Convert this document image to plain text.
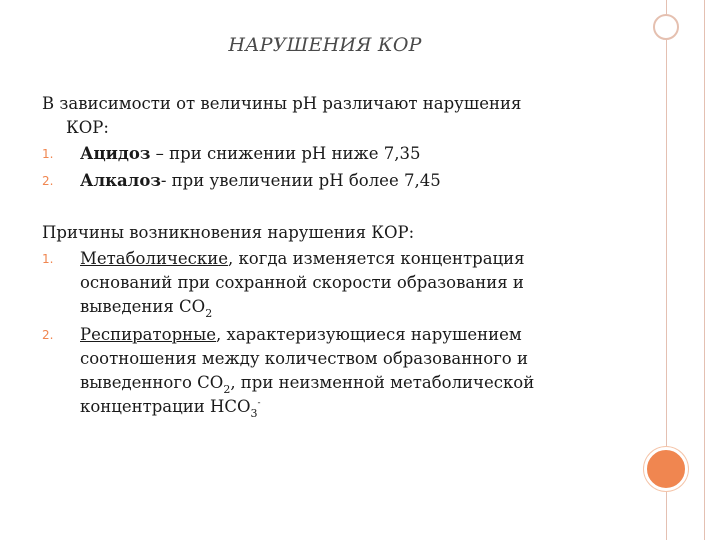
НАРУШЕНИЯ КОР

В зависимости от величины рН различают нарушения
КОР:

1. Ацидоз – при снижении рН ниже 7,35
2. Алкалоз- при увеличении рН более 7,45

Причины возникновения нарушения КОР:

1. Метаболические, когда изменяется концентрация оснований при сохранной скорости образования и выведения $СО_2$
2. Респираторные, характеризующиеся нарушением соотношения между количеством образованного и выведенного $СО_2$, при неизменной метаболической концентрации $НСО_3^-$
